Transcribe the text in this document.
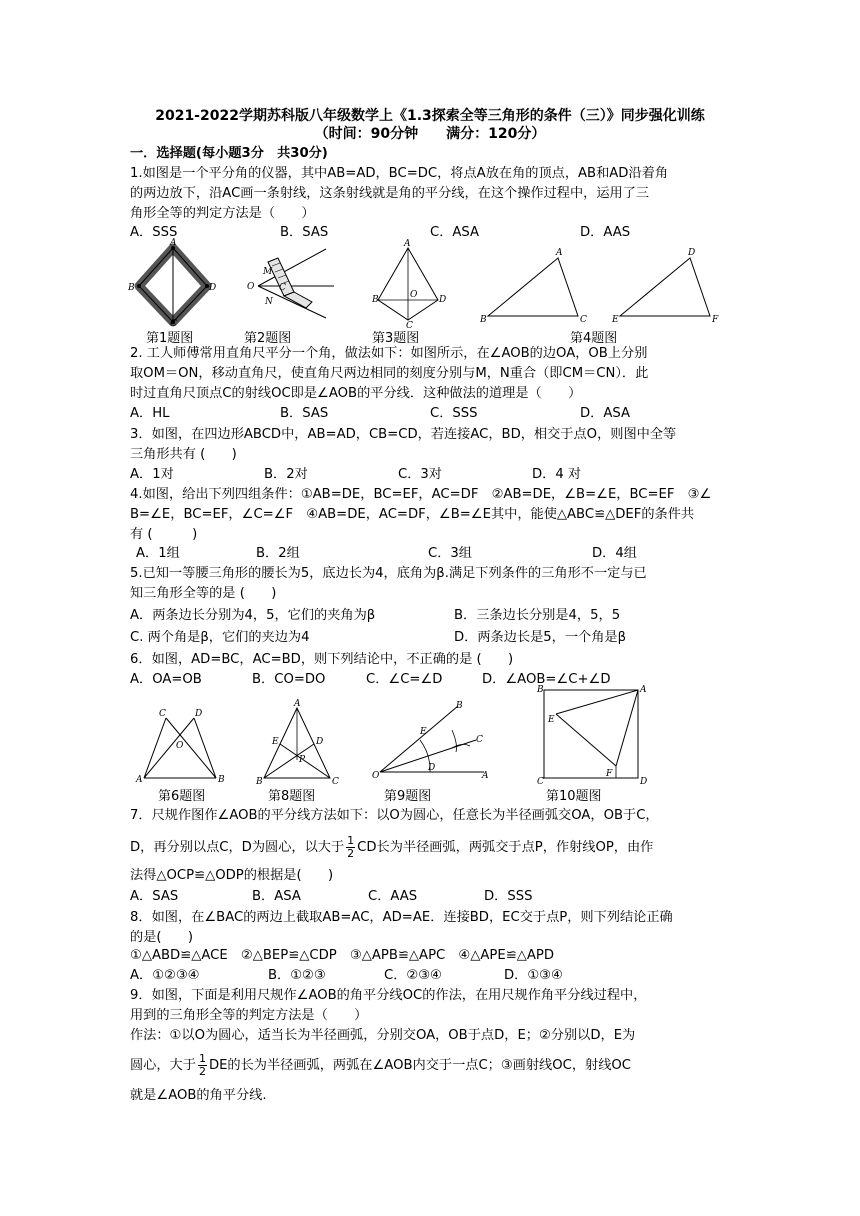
2021-2022学期苏科版八年级数学上《1.3探索全等三角形的条件（三）》同步强化训练
（时间：90分钟　　满分：120分）
一．选择题(每小题3分　共30分)
1.如图是一个平分角的仪器，其中AB=AD，BC=DC，将点A放在角的顶点，AB和AD沿着角
的两边放下，沿AC画一条射线，这条射线就是角的平分线，在这个操作过程中，运用了三
角形全等的判定方法是（　　）
A．SSS	B．SAS	C．ASA	D．AAS
A
B
C
D
M
O	C
N
A
B	O D
C
A
B	C
D
E	F
第1题图	第2题图	第3题图	第4题图
2. 工人师傅常用直角尺平分一个角，做法如下：如图所示，在∠AOB的边OA，OB上分别
取OM＝ON，移动直角尺，使直角尺两边相同的刻度分别与M，N重合（即CM＝CN）．此
时过直角尺顶点C的射线OC即是∠AOB的平分线．这种做法的道理是（　　）
A．HL	B．SAS	C．SSS	D．ASA
3．如图，在四边形ABCD中，AB=AD，CB=CD，若连接AC，BD，相交于点O，则图中全等
三角形共有 (　　)
A．1对	B．2对	C．3对	D．4 对
4.如图，给出下列四组条件：①AB=DE，BC=EF，AC=DF　②AB=DE，∠B=∠E，BC=EF　③∠
B=∠E，BC=EF，∠C=∠F　④AB=DE，AC=DF，∠B=∠E其中，能使△ABC≌△DEF的条件共
有 (　　　)
A．1组	B．2组	C．3组	D．4组
5.已知一等腰三角形的腰长为5，底边长为4，底角为β.满足下列条件的三角形不一定与已
知三角形全等的是 (　　)
A．两条边长分别为4，5，它们的夹角为β	B．三条边长分别是4，5，5
C. 两个角是β，它们的夹边为4	D．两条边长是5，一个角是β
6．如图，AD=BC，AC=BD，则下列结论中，不正确的是 (　　)
A．OA=OB	B．CO=DO	C．∠C=∠D	D．∠AOB=∠C+∠D
C	D
O
A	B
A
E	D
P
B	C
B
E
C
O
D
A
B	A
E
C
F
D
第6题图	第8题图	第9题图	第10题图
7．尺规作图作∠AOB的平分线方法如下：以O为圆心，任意长为半径画弧交OA，OB于C，
D，再分别以点C，D为圆心，以大于 $\frac{1}{2}$ CD长为半径画弧，两弧交于点P，作射线OP，由作
法得△OCP≌△ODP的根据是(　　)
A．SAS	B．ASA	C．AAS	D．SSS
8．如图，在∠BAC的两边上截取AB=AC，AD=AE．连接BD，EC交于点P，则下列结论正确
的是(　　)
①△ABD≌△ACE　②△BEP≌△CDP　③△APB≌△APC　④△APE≌△APD
A．①②③④	B．①②③	C．②③④	D．①③④
9．如图，下面是利用尺规作∠AOB的角平分线OC的作法，在用尺规作角平分线过程中，
用到的三角形全等的判定方法是（　　）
作法：①以O为圆心，适当长为半径画弧，分别交OA，OB于点D，E；②分别以D，E为
圆心，大于 $\frac{1}{2}$ DE的长为半径画弧，两弧在∠AOB内交于一点C；③画射线OC，射线OC
就是∠AOB的角平分线.
